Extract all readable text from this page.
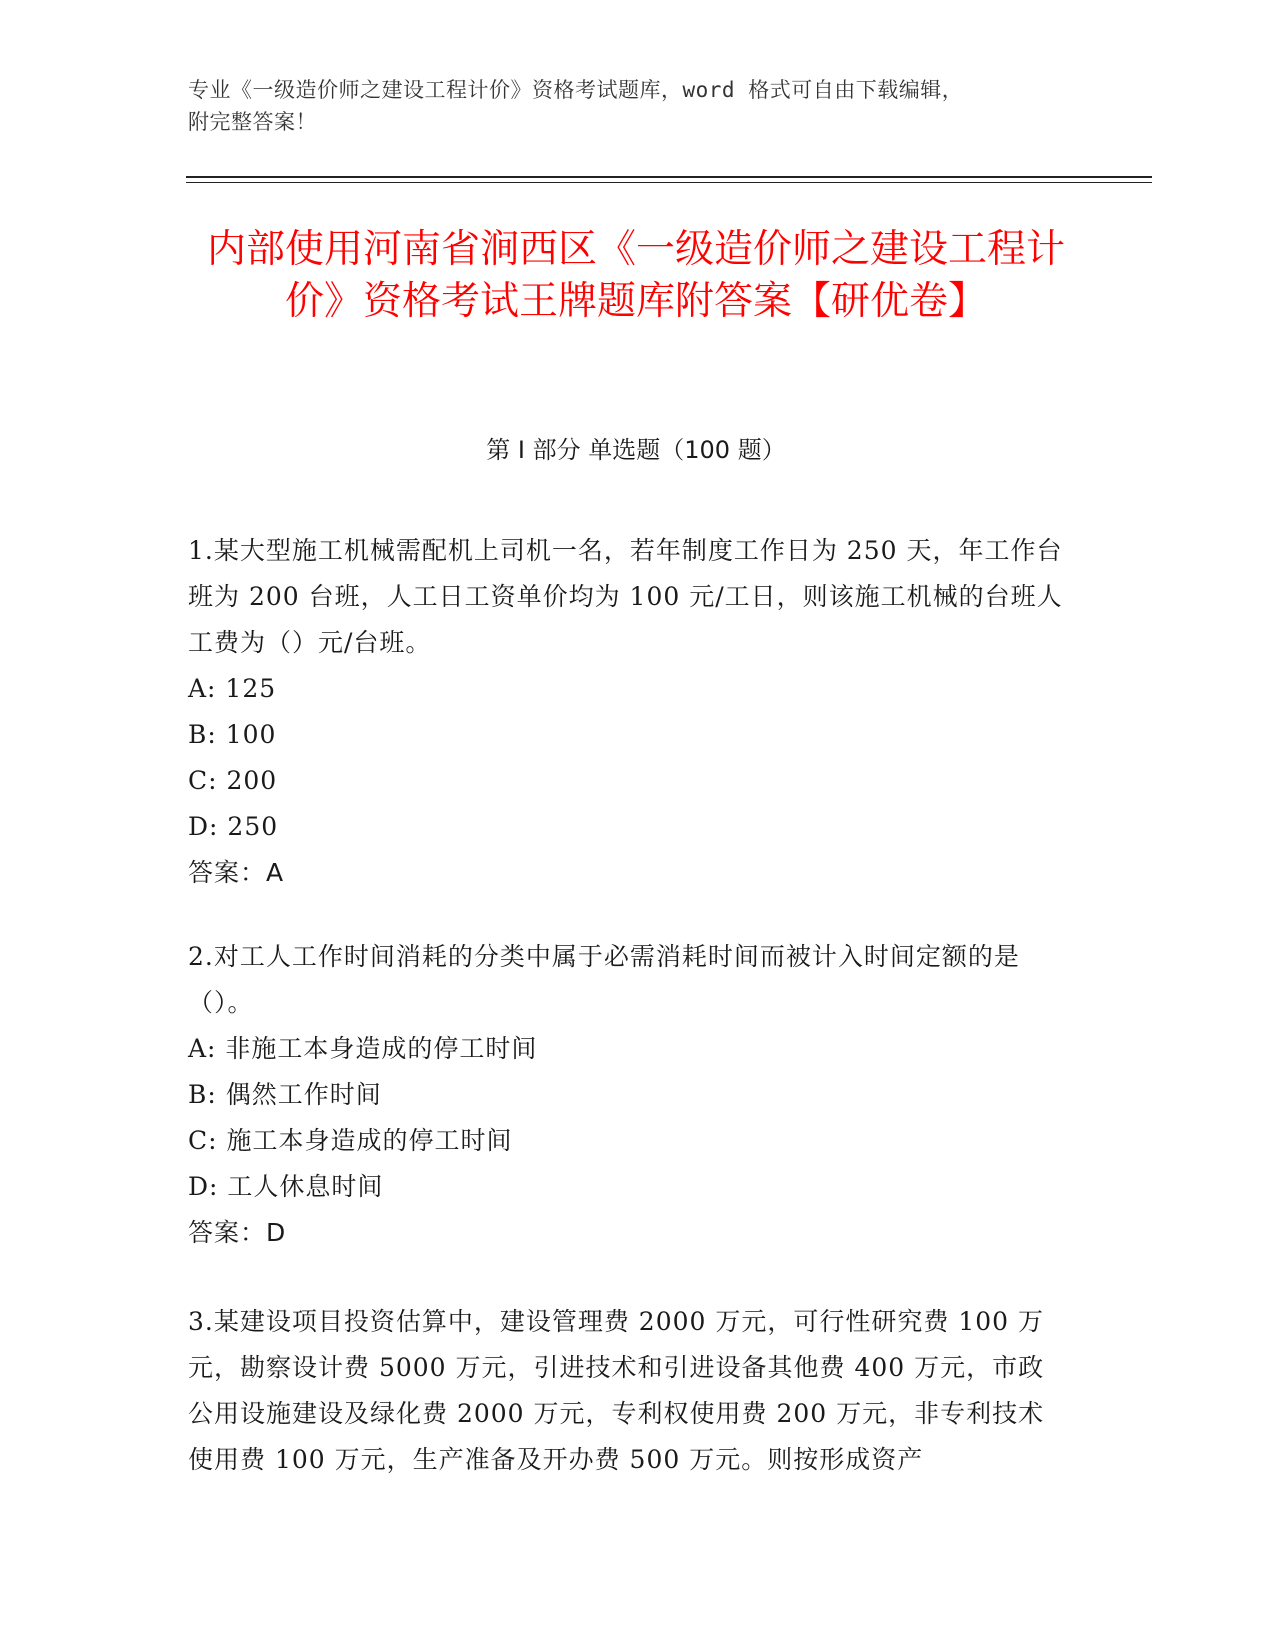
专业《一级造价师之建设工程计价》资格考试题库，word 格式可自由下载编辑，
附完整答案！
内部使用河南省涧西区《一级造价师之建设工程计价》资格考试王牌题库附答案【研优卷】
第 I 部分 单选题（100 题）
1.某大型施工机械需配机上司机一名，若年制度工作日为 250 天，年工作台班为 200 台班，人工日工资单价均为 100 元/工日，则该施工机械的台班人工费为（）元/台班。
A: 125
B: 100
C: 200
D: 250
答案：A
2.对工人工作时间消耗的分类中属于必需消耗时间而被计入时间定额的是（）。
A: 非施工本身造成的停工时间
B: 偶然工作时间
C: 施工本身造成的停工时间
D: 工人休息时间
答案：D
3.某建设项目投资估算中，建设管理费 2000 万元，可行性研究费 100 万元，勘察设计费 5000 万元，引进技术和引进设备其他费 400 万元，市政公用设施建设及绿化费 2000 万元，专利权使用费 200 万元，非专利技术使用费 100 万元，生产准备及开办费 500 万元。则按形成资产
